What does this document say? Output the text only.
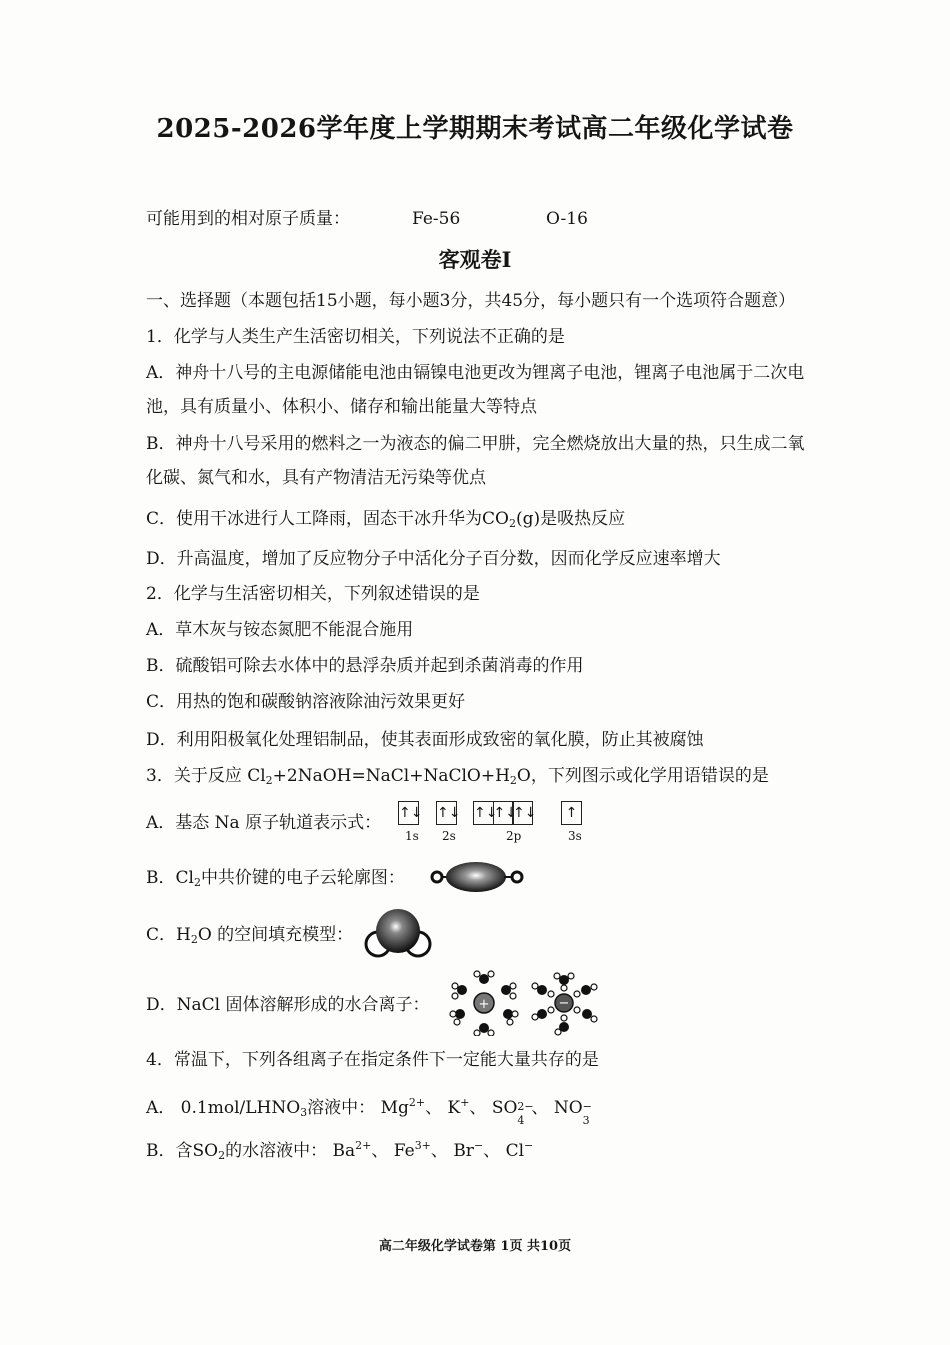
2025-2026学年度上学期期末考试高二年级化学试卷
可能用到的相对原子质量：	Fe-56	O-16
客观卷Ⅰ
一、选择题（本题包括15小题，每小题3分，共45分，每小题只有一个选项符合题意）
1．化学与人类生产生活密切相关，下列说法不正确的是
A．神舟十八号的主电源储能电池由镉镍电池更改为锂离子电池，锂离子电池属于二次电
池，具有质量小、体积小、储存和输出能量大等特点
B．神舟十八号采用的燃料之一为液态的偏二甲肼，完全燃烧放出大量的热，只生成二氧
化碳、氮气和水，具有产物清洁无污染等优点
C．使用干冰进行人工降雨，固态干冰升华为$CO_2(g)$是吸热反应
D．升高温度，增加了反应物分子中活化分子百分数，因而化学反应速率增大
2．化学与生活密切相关，下列叙述错误的是
A．草木灰与铵态氮肥不能混合施用
B．硫酸铝可除去水体中的悬浮杂质并起到杀菌消毒的作用
C．用热的饱和碳酸钠溶液除油污效果更好
D．利用阳极氧化处理铝制品，使其表面形成致密的氧化膜，防止其被腐蚀
3．关于反应 $Cl_2+2NaOH=NaCl+NaClO+H_2O$，下列图示或化学用语错误的是
A．基态 Na 原子轨道表示式： ↑↓ ↑↓ ↑↓↑↓↑↓	↑
1s 2s	2p	3s
B．$Cl_2$中共价键的电子云轮廓图：
C．$H_2O$ 的空间填充模型：
D．NaCl 固体溶解形成的水合离子：	+	−
4．常温下，下列各组离子在指定条件下一定能大量共存的是
A． $0.1mol/LHNO_3$溶液中： $Mg^{2+}$、 K+、 SO 2−
4
、 NO −
3
B．含$SO_2$的水溶液中： $Ba^{2+}$、 $Fe^{3+}$、 Br−、 Cl−
高二年级化学试卷第 1页 共10页
